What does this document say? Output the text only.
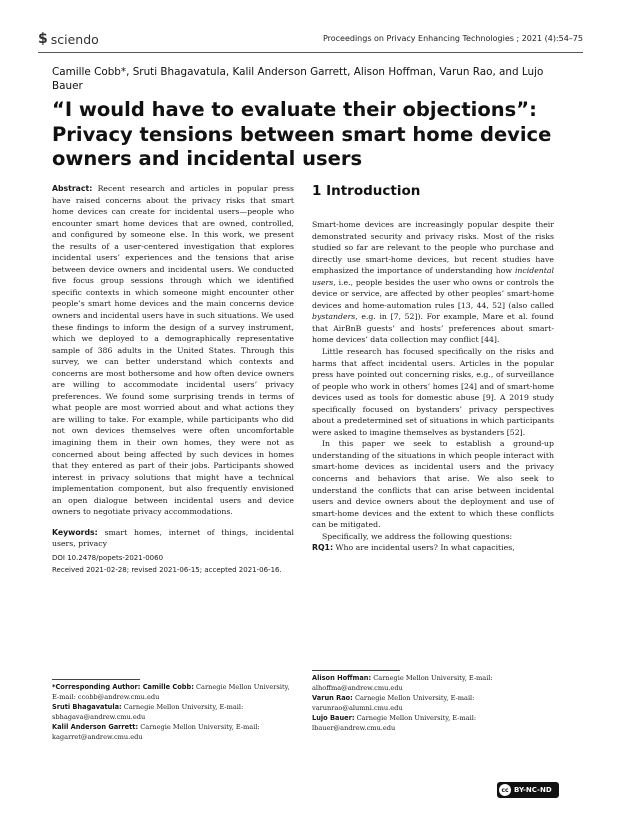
$ sciendo	Proceedings on Privacy Enhancing Technologies ; 2021 (4):54–75
Camille Cobb*, Sruti Bhagavatula, Kalil Anderson Garrett, Alison Hoffman, Varun Rao, and Lujo Bauer
“I would have to evaluate their objections”: Privacy tensions between smart home device owners and incidental users

Abstract: Recent research and articles in popular press have raised concerns about the privacy risks that smart home devices can create for incidental users—people who encounter smart home devices that are owned, controlled, and configured by someone else. In this work, we present the results of a user-centered investigation that explores incidental users’ experiences and the tensions that arise between device owners and incidental users. We conducted five focus group sessions through which we identified specific contexts in which someone might encounter other people’s smart home devices and the main concerns device owners and incidental users have in such situations. We used these findings to inform the design of a survey instrument, which we deployed to a demographically representative sample of 386 adults in the United States. Through this survey, we can better understand which contexts and concerns are most bothersome and how often device owners are willing to accommodate incidental users’ privacy preferences. We found some surprising trends in terms of what people are most worried about and what actions they are willing to take. For example, while participants who did not own devices themselves were often uncomfortable imagining them in their own homes, they were not as concerned about being affected by such devices in homes that they entered as part of their jobs. Participants showed interest in privacy solutions that might have a technical implementation component, but also frequently envisioned an open dialogue between incidental users and device owners to negotiate privacy accommodations.

Keywords: smart homes, internet of things, incidental users, privacy

DOI 10.2478/popets-2021-0060

Received 2021-02-28; revised 2021-06-15; accepted 2021-06-16.

1 Introduction

Smart-home devices are increasingly popular despite their demonstrated security and privacy risks. Most of the risks studied so far are relevant to the people who purchase and directly use smart-home devices, but recent studies have emphasized the importance of understanding how incidental users, i.e., people besides the user who owns or controls the device or service, are affected by other peoples’ smart-home devices and home-automation rules [13, 44, 52] (also called bystanders, e.g. in [7, 52]). For example, Mare et al. found that AirBnB guests’ and hosts’ preferences about smart-home devices’ data collection may conflict [44].

Little research has focused specifically on the risks and harms that affect incidental users. Articles in the popular press have pointed out concerning risks, e.g., of surveillance of people who work in others’ homes [24] and of smart-home devices used as tools for domestic abuse [9]. A 2019 study specifically focused on bystanders’ privacy perspectives about a predetermined set of situations in which participants were asked to imagine themselves as bystanders [52].

In this paper we seek to establish a ground-up understanding of the situations in which people interact with smart-home devices as incidental users and the privacy concerns and behaviors that arise. We also seek to understand the conflicts that can arise between incidental users and device owners about the deployment and use of smart-home devices and the extent to which these conflicts can be mitigated.

Specifically, we address the following questions:

RQ1: Who are incidental users? In what capacities,

*Corresponding Author: Camille Cobb: Carnegie Mellon University, E-mail: ccobb@andrew.cmu.edu

Sruti Bhagavatula: Carnegie Mellon University, E-mail: sbhagava@andrew.cmu.edu

Kalil Anderson Garrett: Carnegie Mellon University, E-mail: kagarret@andrew.cmu.edu

Alison Hoffman: Carnegie Mellon University, E-mail: alhoffma@andrew.cmu.edu

Varun Rao: Carnegie Mellon University, E-mail: varunrao@alumni.cmu.edu

Lujo Bauer: Carnegie Mellon University, E-mail: lbauer@andrew.cmu.edu

cc BY-NC-ND
